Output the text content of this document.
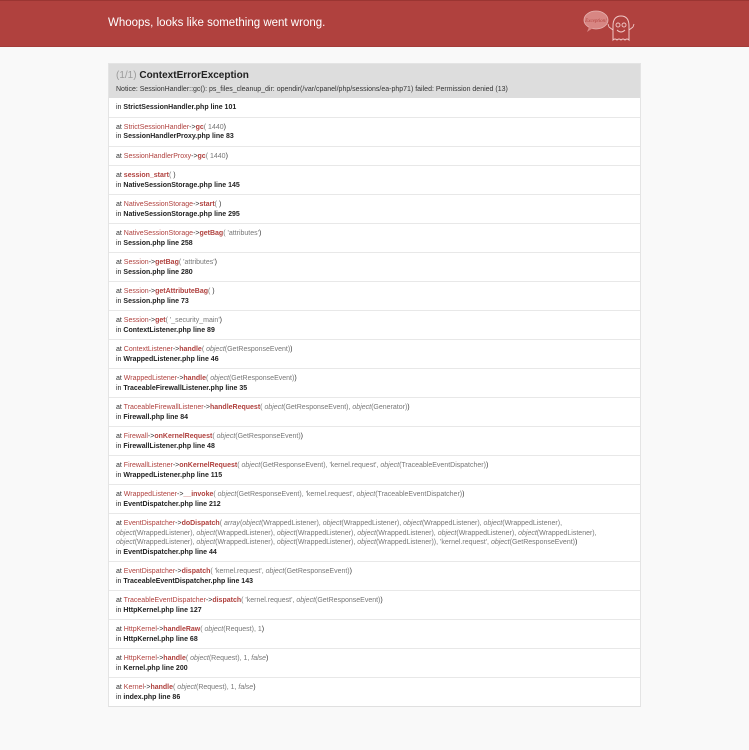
Whoops, looks like something went wrong.	Exception!
(1/1) ContextErrorException
Notice: SessionHandler::gc(): ps_files_cleanup_dir: opendir(/var/cpanel/php/sessions/ea-php71) failed: Permission denied (13)
in StrictSessionHandler.php line 101
at StrictSessionHandler->gc( 1440)
in SessionHandlerProxy.php line 83
at SessionHandlerProxy->gc( 1440)
at session_start( )
in NativeSessionStorage.php line 145
at NativeSessionStorage->start( )
in NativeSessionStorage.php line 295
at NativeSessionStorage->getBag( 'attributes')
in Session.php line 258
at Session->getBag( 'attributes')
in Session.php line 280
at Session->getAttributeBag( )
in Session.php line 73
at Session->get( '_security_main')
in ContextListener.php line 89
at ContextListener->handle( object(GetResponseEvent))
in WrappedListener.php line 46
at WrappedListener->handle( object(GetResponseEvent))
in TraceableFirewallListener.php line 35
at TraceableFirewallListener->handleRequest( object(GetResponseEvent), object(Generator))
in Firewall.php line 84
at Firewall->onKernelRequest( object(GetResponseEvent))
in FirewallListener.php line 48
at FirewallListener->onKernelRequest( object(GetResponseEvent), 'kernel.request', object(TraceableEventDispatcher))
in WrappedListener.php line 115
at WrappedListener->__invoke( object(GetResponseEvent), 'kernel.request', object(TraceableEventDispatcher))
in EventDispatcher.php line 212
at EventDispatcher->doDispatch( array(object(WrappedListener), object(WrappedListener), object(WrappedListener), object(WrappedListener), object(WrappedListener), object(WrappedListener), object(WrappedListener), object(WrappedListener), object(WrappedListener), object(WrappedListener), object(WrappedListener), object(WrappedListener), object(WrappedListener), object(WrappedListener)), 'kernel.request', object(GetResponseEvent))
in EventDispatcher.php line 44
at EventDispatcher->dispatch( 'kernel.request', object(GetResponseEvent))
in TraceableEventDispatcher.php line 143
at TraceableEventDispatcher->dispatch( 'kernel.request', object(GetResponseEvent))
in HttpKernel.php line 127
at HttpKernel->handleRaw( object(Request), 1)
in HttpKernel.php line 68
at HttpKernel->handle( object(Request), 1, false)
in Kernel.php line 200
at Kernel->handle( object(Request), 1, false)
in index.php line 86
